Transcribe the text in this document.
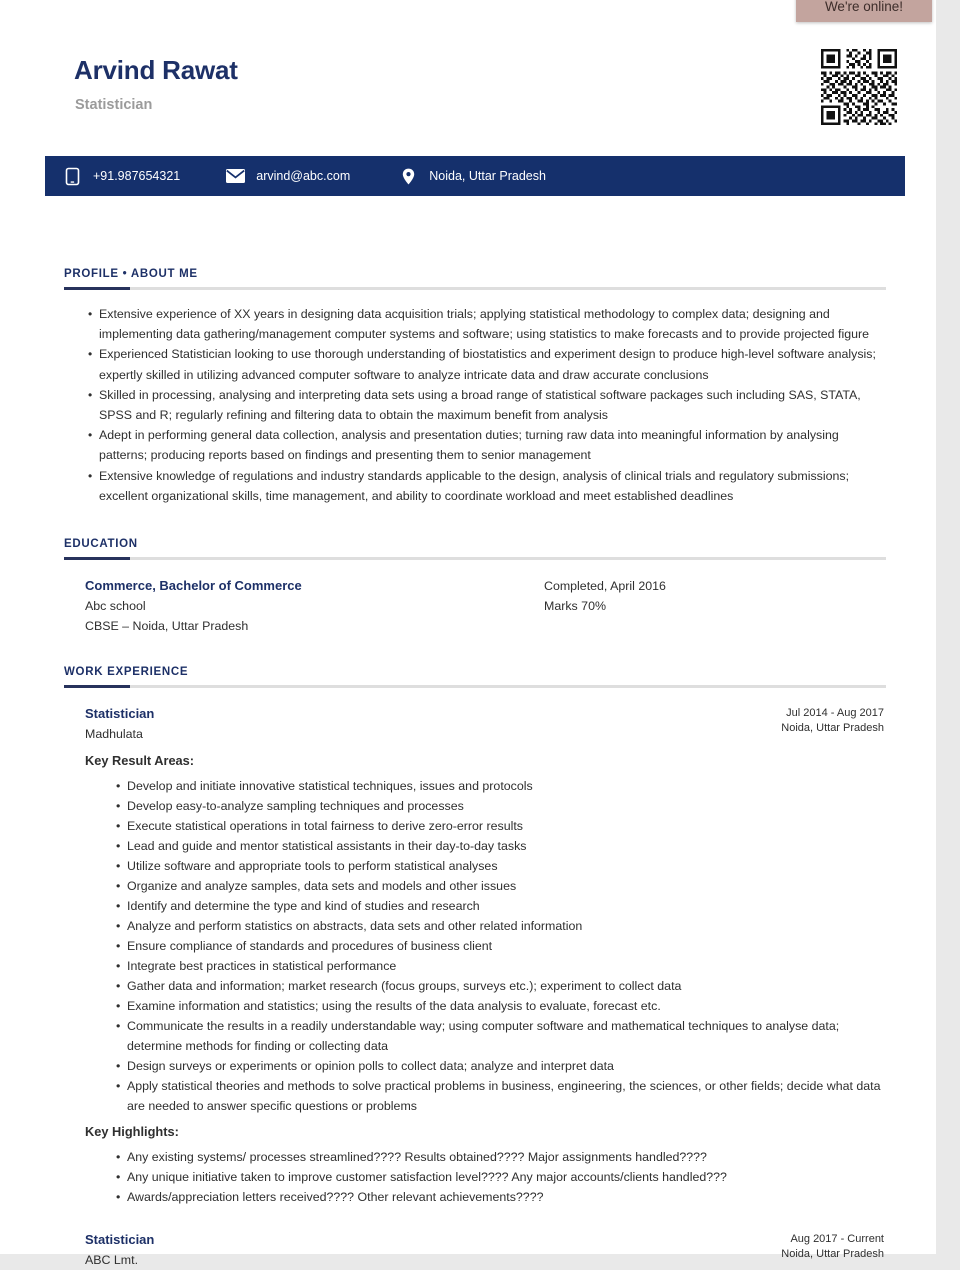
We're online!
Arvind Rawat
Statistician
+91.987654321	arvind@abc.com	Noida, Uttar Pradesh
PROFILE • ABOUT ME
• Extensive experience of XX years in designing data acquisition trials; applying statistical methodology to complex data; designing and implementing data gathering/management computer systems and software; using statistics to make forecasts and to provide projected figure
• Experienced Statistician looking to use thorough understanding of biostatistics and experiment design to produce high-level software analysis; expertly skilled in utilizing advanced computer software to analyze intricate data and draw accurate conclusions
• Skilled in processing, analysing and interpreting data sets using a broad range of statistical software packages such including SAS, STATA, SPSS and R; regularly refining and filtering data to obtain the maximum benefit from analysis
• Adept in performing general data collection, analysis and presentation duties; turning raw data into meaningful information by analysing patterns; producing reports based on findings and presenting them to senior management
• Extensive knowledge of regulations and industry standards applicable to the design, analysis of clinical trials and regulatory submissions; excellent organizational skills, time management, and ability to coordinate workload and meet established deadlines
EDUCATION
Commerce, Bachelor of Commerce
Abc school
CBSE – Noida, Uttar Pradesh
Completed, April 2016
Marks 70%
WORK EXPERIENCE
Statistician
Madhulata
Jul 2014 - Aug 2017
Noida, Uttar Pradesh
Key Result Areas:
• Develop and initiate innovative statistical techniques, issues and protocols
• Develop easy-to-analyze sampling techniques and processes
• Execute statistical operations in total fairness to derive zero-error results
• Lead and guide and mentor statistical assistants in their day-to-day tasks
• Utilize software and appropriate tools to perform statistical analyses
• Organize and analyze samples, data sets and models and other issues
• Identify and determine the type and kind of studies and research
• Analyze and perform statistics on abstracts, data sets and other related information
• Ensure compliance of standards and procedures of business client
• Integrate best practices in statistical performance
• Gather data and information; market research (focus groups, surveys etc.); experiment to collect data
• Examine information and statistics; using the results of the data analysis to evaluate, forecast etc.
• Communicate the results in a readily understandable way; using computer software and mathematical techniques to analyse data; determine methods for finding or collecting data
• Design surveys or experiments or opinion polls to collect data; analyze and interpret data
• Apply statistical theories and methods to solve practical problems in business, engineering, the sciences, or other fields; decide what data are needed to answer specific questions or problems
Key Highlights:
• Any existing systems/ processes streamlined???? Results obtained???? Major assignments handled????
• Any unique initiative taken to improve customer satisfaction level???? Any major accounts/clients handled???
• Awards/appreciation letters received???? Other relevant achievements????
Statistician
ABC Lmt.
Aug 2017 - Current
Noida, Uttar Pradesh
